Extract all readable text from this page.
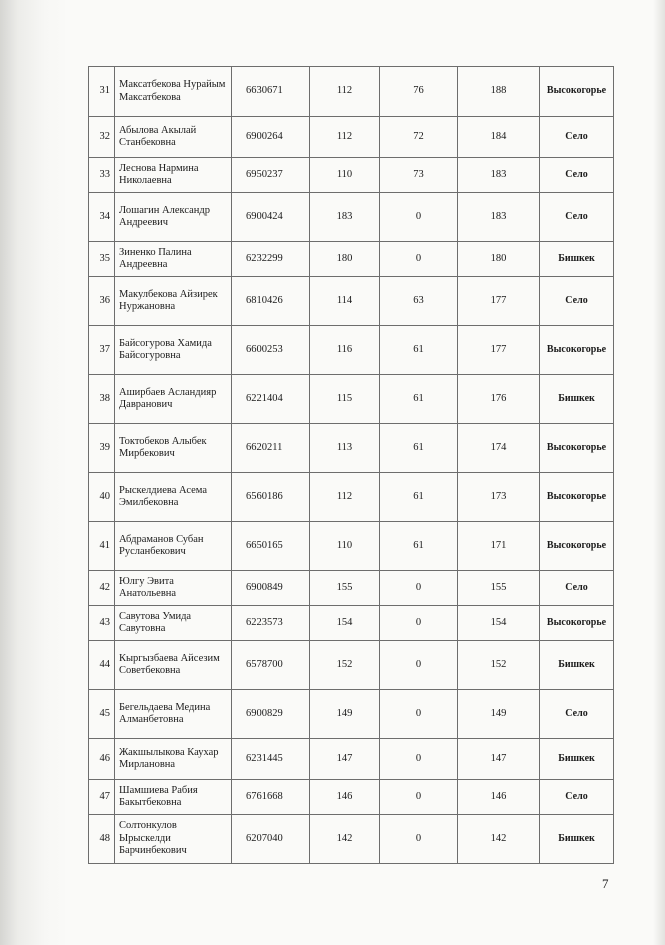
31	Максатбекова Нурайым Максатбекова	6630671	112	76	188	Высокогорье
32	Абылова Акылай Станбековна	6900264	112	72	184	Село
33	Леснова Нармина Николаевна	6950237	110	73	183	Село
34	Лошагин Александр Андреевич	6900424	183	0	183	Село
35	Зиненко Палина Андреевна	6232299	180	0	180	Бишкек
36	Макулбекова Айзирек Нуржановна	6810426	114	63	177	Село
37	Байсогурова Хамида Байсогуровна	6600253	116	61	177	Высокогорье
38	Аширбаев Асландияр Давранович	6221404	115	61	176	Бишкек
39	Токтобеков Алыбек Мирбекович	6620211	113	61	174	Высокогорье
40	Рыскелдиева Асема Эмилбековна	6560186	112	61	173	Высокогорье
41	Абдраманов Субан Русланбекович	6650165	110	61	171	Высокогорье
42	Юлгу Эвита Анатольевна	6900849	155	0	155	Село
43	Савутова Умида Савутовна	6223573	154	0	154	Высокогорье
44	Кыргызбаева Айсезим Советбековна	6578700	152	0	152	Бишкек
45	Бегельдаева Медина Алманбетовна	6900829	149	0	149	Село
46	Жакшылыкова Каухар Мирлановна	6231445	147	0	147	Бишкек
47	Шамшиева Рабия Бакытбековна	6761668	146	0	146	Село
48	Солтонкулов Ырыскелди Барчинбекович	6207040	142	0	142	Бишкек
7
